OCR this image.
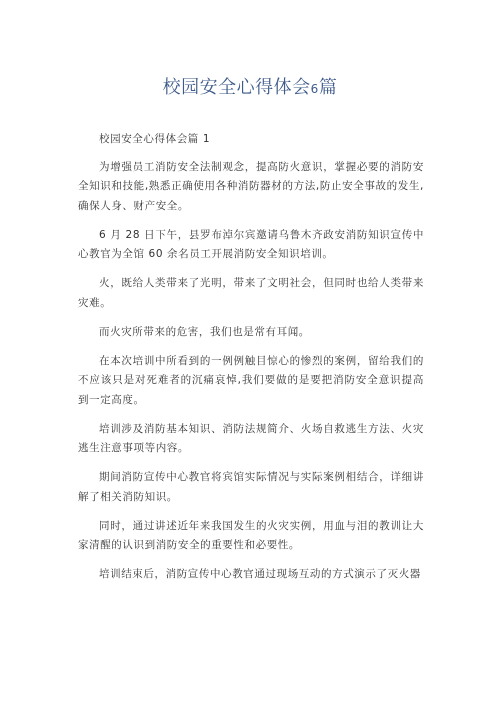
校园安全心得体会6篇

校园安全心得体会篇 1

为增强员工消防安全法制观念，提高防火意识，掌握必要的消防安全知识和技能,熟悉正确使用各种消防器材的方法,防止安全事故的发生,确保人身、财产安全。

6 月 28 日下午，县罗布淖尔宾邀请乌鲁木齐政安消防知识宣传中心教官为全馆 60 余名员工开展消防安全知识培训。

火，既给人类带来了光明，带来了文明社会，但同时也给人类带来灾难。

而火灾所带来的危害，我们也是常有耳闻。

在本次培训中所看到的一例例触目惊心的惨烈的案例，留给我们的不应该只是对死难者的沉痛哀悼,我们要做的是要把消防安全意识提高到一定高度。

培训涉及消防基本知识、消防法规简介、火场自救逃生方法、火灾逃生注意事项等内容。

期间消防宣传中心教官将宾馆实际情况与实际案例相结合，详细讲解了相关消防知识。

同时，通过讲述近年来我国发生的火灾实例，用血与泪的教训让大家清醒的认识到消防安全的重要性和必要性。

培训结束后，消防宣传中心教官通过现场互动的方式演示了灭火器
